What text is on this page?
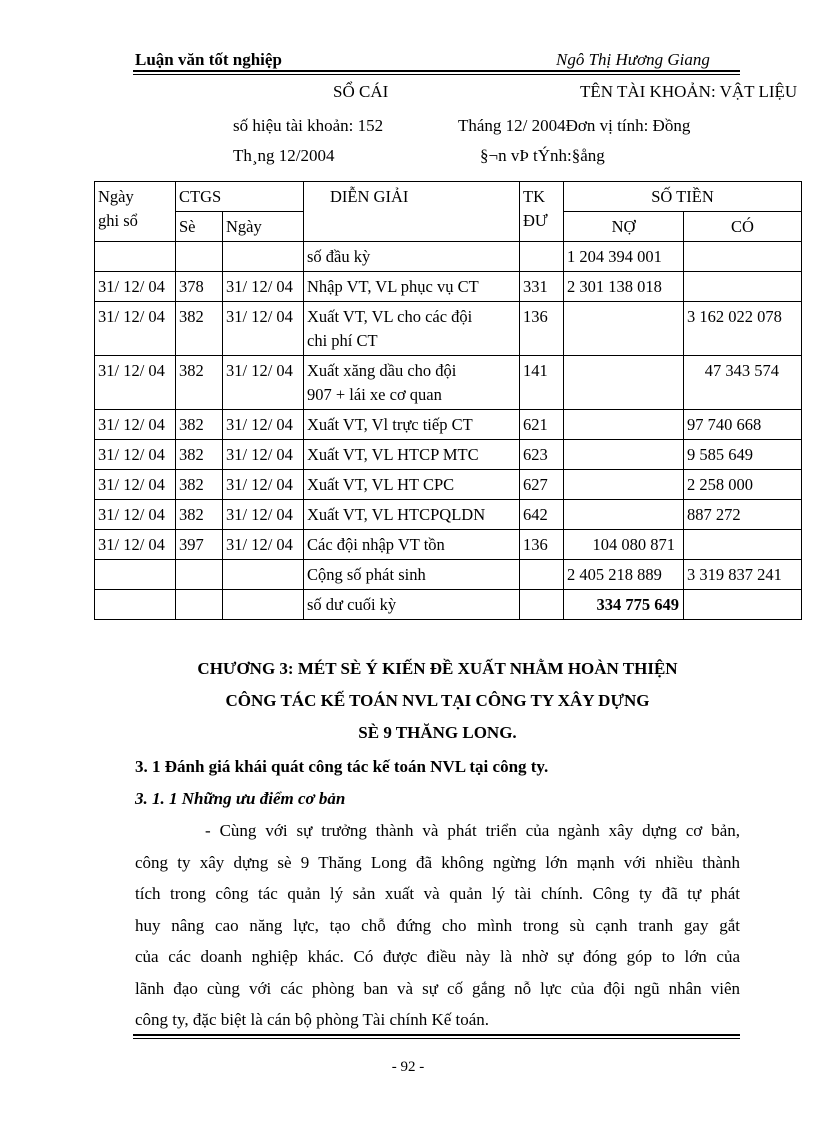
Luận văn tốt nghiệp	Ngô Thị Hương Giang
SỔ CÁI	TÊN TÀI KHOẢN: VẬT LIỆU
số hiệu tài khoản: 152	Tháng 12/ 2004Đơn vị tính: Đồng
Th¸ng 12/2004	§¬n vÞ tÝnh:§ång
Ngày
ghi sổ	CTGS		DIỄN GIẢI	TK
ĐƯ	SỐ TIỀN	
	Sè	Ngày			NỢ	CÓ
			số đầu kỳ		1 204 394 001	
31/ 12/ 04	378	31/ 12/ 04	Nhập VT, VL phục vụ CT	331	2 301 138 018	
31/ 12/ 04	382	31/ 12/ 04	Xuất VT, VL cho các đội
chi phí CT	136		3 162 022 078
31/ 12/ 04	382	31/ 12/ 04	Xuất xăng dầu cho đội
907 + lái xe cơ quan	141		47 343 574
31/ 12/ 04	382	31/ 12/ 04	Xuất VT, Vl trực tiếp CT	621		97 740 668
31/ 12/ 04	382	31/ 12/ 04	Xuất VT, VL HTCP MTC	623		9 585 649
31/ 12/ 04	382	31/ 12/ 04	Xuất VT, VL HT CPC	627		2 258 000
31/ 12/ 04	382	31/ 12/ 04	Xuất VT, VL HTCPQLDN	642		887 272
31/ 12/ 04	397	31/ 12/ 04	Các đội nhập VT tồn	136	104 080 871	
			Cộng số phát sinh		2 405 218 889	3 319 837 241
			số dư cuối kỳ		334 775 649	
CHƯƠNG 3: MÉT SÈ Ý KIẾN ĐỀ XUẤT NHẰM HOÀN THIỆN
CÔNG TÁC KẾ TOÁN NVL TẠI CÔNG TY XÂY DỰNG
SÈ 9 THĂNG LONG.
3. 1 Đánh giá khái quát công tác kế toán NVL tại công ty.
3. 1. 1 Những ưu điểm cơ bản
- Cùng với sự trưởng thành và phát triển của ngành xây dựng cơ bản,
công ty xây dựng sè 9 Thăng Long đã không ngừng lớn mạnh với nhiều thành
tích trong công tác quản lý sản xuất và quản lý tài chính. Công ty đã tự phát
huy nâng cao năng lực, tạo chỗ đứng cho mình trong sù cạnh tranh gay gắt
của các doanh nghiệp khác. Có được điều này là nhờ sự đóng góp to lớn của
lãnh đạo cùng với các phòng ban và sự cố gắng nỗ lực của đội ngũ nhân viên
công ty, đặc biệt là cán bộ phòng Tài chính Kế toán.
- 92 -
